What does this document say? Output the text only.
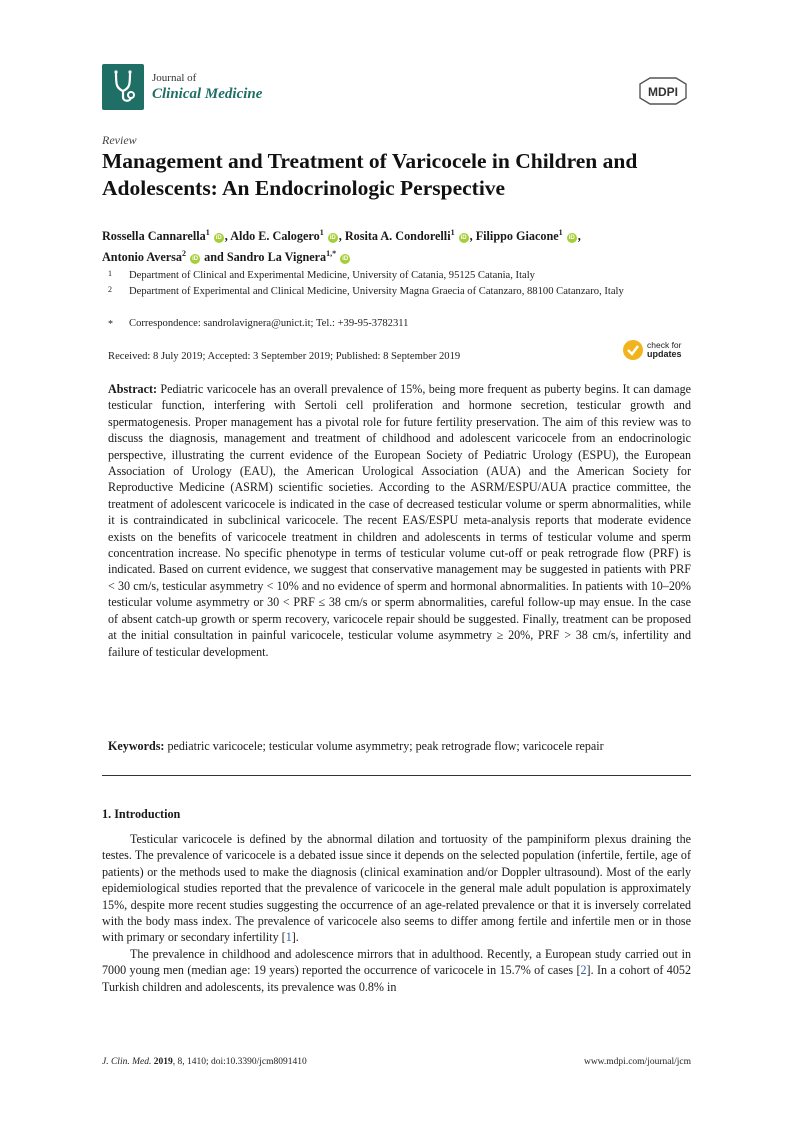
Journal of
Clinical Medicine	MDPI
Review
Management and Treatment of Varicocele in Children and Adolescents: An Endocrinologic Perspective
Rossella Cannarella$^1$ iD , Aldo E. Calogero$^1$ iD , Rosita A. Condorelli$^1$ iD , Filippo Giacone$^1$ iD ,
Antonio Aversa$^2$ iD and Sandro La Vignera$^{1,*}$ iD
1 Department of Clinical and Experimental Medicine, University of Catania, 95125 Catania, Italy
2 Department of Experimental and Clinical Medicine, University Magna Graecia of Catanzaro, 88100 Catanzaro, Italy
* Correspondence: sandrolavignera@unict.it; Tel.: +39-95-3782311
Received: 8 July 2019; Accepted: 3 September 2019; Published: 8 September 2019
check for
updates
Abstract: Pediatric varicocele has an overall prevalence of 15%, being more frequent as puberty begins. It can damage testicular function, interfering with Sertoli cell proliferation and hormone secretion, testicular growth and spermatogenesis. Proper management has a pivotal role for future fertility preservation. The aim of this review was to discuss the diagnosis, management and treatment of childhood and adolescent varicocele from an endocrinologic perspective, illustrating the current evidence of the European Society of Pediatric Urology (ESPU), the European Association of Urology (EAU), the American Urological Association (AUA) and the American Society for Reproductive Medicine (ASRM) scientific societies. According to the ASRM/ESPU/AUA practice committee, the treatment of adolescent varicocele is indicated in the case of decreased testicular volume or sperm abnormalities, while it is contraindicated in subclinical varicocele. The recent EAS/ESPU meta-analysis reports that moderate evidence exists on the benefits of varicocele treatment in children and adolescents in terms of testicular volume and sperm concentration increase. No specific phenotype in terms of testicular volume cut-off or peak retrograde flow (PRF) is indicated. Based on current evidence, we suggest that conservative management may be suggested in patients with PRF < 30 cm/s, testicular asymmetry < 10% and no evidence of sperm and hormonal abnormalities. In patients with 10–20% testicular volume asymmetry or 30 < PRF ≤ 38 cm/s or sperm abnormalities, careful follow-up may ensue. In the case of absent catch-up growth or sperm recovery, varicocele repair should be suggested. Finally, treatment can be proposed at the initial consultation in painful varicocele, testicular volume asymmetry ≥ 20%, PRF > 38 cm/s, infertility and failure of testicular development.
Keywords: pediatric varicocele; testicular volume asymmetry; peak retrograde flow; varicocele repair
1. Introduction

Testicular varicocele is defined by the abnormal dilation and tortuosity of the pampiniform plexus draining the testes. The prevalence of varicocele is a debated issue since it depends on the selected population (infertile, fertile, age of patients) or the methods used to make the diagnosis (clinical examination and/or Doppler ultrasound). Most of the early epidemiological studies reported that the prevalence of varicocele in the general male adult population is approximately 15%, despite more recent studies suggesting the occurrence of an age-related prevalence or that it is inversely correlated with the body mass index. The prevalence of varicocele also seems to differ among fertile and infertile men or in those with primary or secondary infertility [1].

The prevalence in childhood and adolescence mirrors that in adulthood. Recently, a European study carried out in 7000 young men (median age: 19 years) reported the occurrence of varicocele in 15.7% of cases [2]. In a cohort of 4052 Turkish children and adolescents, its prevalence was 0.8% in

J. Clin. Med. 2019, 8, 1410; doi:10.3390/jcm8091410	www.mdpi.com/journal/jcm
